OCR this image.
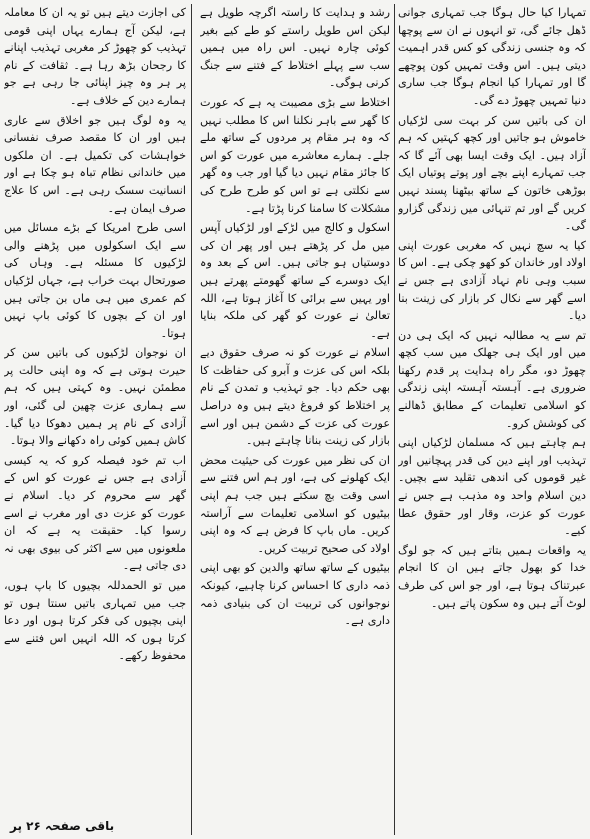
تمہارا کیا حال ہوگا جب تمہاری جوانی ڈھل جائے گی، تو انہوں نے ان سے پوچھا کہ وہ جنسی زندگی کو کس قدر اہمیت دیتی ہیں۔ اس وقت تمہیں کون پوچھے گا اور تمہارا کیا انجام ہوگا جب ساری دنیا تمہیں چھوڑ دے گی۔

ان کی باتیں سن کر بہت سی لڑکیاں خاموش ہو جاتیں اور کچھ کہتیں کہ ہم آزاد ہیں۔ ایک وقت ایسا بھی آئے گا کہ جب تمہارے اپنے بچے اور پوتے پوتیاں ایک بوڑھی خاتون کے ساتھ بیٹھنا پسند نہیں کریں گے اور تم تنہائی میں زندگی گزارو گی۔

کیا یہ سچ نہیں کہ مغربی عورت اپنی اولاد اور خاندان کو کھو چکی ہے۔ اس کا سبب وہی نام نہاد آزادی ہے جس نے اسے گھر سے نکال کر بازار کی زینت بنا دیا۔

تم سے یہ مطالبہ نہیں کہ ایک ہی دن میں اور ایک ہی جھلک میں سب کچھ چھوڑ دو، مگر راہ ہدایت پر قدم رکھنا ضروری ہے۔ آہستہ آہستہ اپنی زندگی کو اسلامی تعلیمات کے مطابق ڈھالنے کی کوشش کرو۔

ہم چاہتے ہیں کہ مسلمان لڑکیاں اپنی تہذیب اور اپنے دین کی قدر پہچانیں اور غیر قوموں کی اندھی تقلید سے بچیں۔ دین اسلام واحد وہ مذہب ہے جس نے عورت کو عزت، وقار اور حقوق عطا کیے۔

یہ واقعات ہمیں بتاتے ہیں کہ جو لوگ خدا کو بھول جاتے ہیں ان کا انجام عبرتناک ہوتا ہے، اور جو اس کی طرف لوٹ آتے ہیں وہ سکون پاتے ہیں۔

رشد و ہدایت کا راستہ اگرچہ طویل ہے لیکن اس طویل راستے کو طے کیے بغیر کوئی چارہ نہیں۔ اس راہ میں ہمیں سب سے پہلے اختلاط کے فتنے سے جنگ کرنی ہوگی۔

اختلاط سے بڑی مصیبت یہ ہے کہ عورت کا گھر سے باہر نکلنا اس کا مطلب نہیں کہ وہ ہر مقام پر مردوں کے ساتھ ملے جلے۔ ہمارے معاشرے میں عورت کو اس کا جائز مقام نہیں دیا گیا اور جب وہ گھر سے نکلتی ہے تو اس کو طرح طرح کی مشکلات کا سامنا کرنا پڑتا ہے۔

اسکول و کالج میں لڑکے اور لڑکیاں آپس میں مل کر پڑھتے ہیں اور پھر ان کی دوستیاں ہو جاتی ہیں۔ اس کے بعد وہ ایک دوسرے کے ساتھ گھومتے پھرتے ہیں اور یہیں سے برائی کا آغاز ہوتا ہے، اللہ تعالیٰ نے عورت کو گھر کی ملکہ بنایا ہے۔

اسلام نے عورت کو نہ صرف حقوق دیے بلکہ اس کی عزت و آبرو کی حفاظت کا بھی حکم دیا۔ جو تہذیب و تمدن کے نام پر اختلاط کو فروغ دیتے ہیں وہ دراصل عورت کی عزت کے دشمن ہیں اور اسے بازار کی زینت بنانا چاہتے ہیں۔

ان کی نظر میں عورت کی حیثیت محض ایک کھلونے کی ہے، اور ہم اس فتنے سے اسی وقت بچ سکتے ہیں جب ہم اپنی بیٹیوں کو اسلامی تعلیمات سے آراستہ کریں۔ ماں باپ کا فرض ہے کہ وہ اپنی اولاد کی صحیح تربیت کریں۔

بیٹیوں کے ساتھ ساتھ والدین کو بھی اپنی ذمہ داری کا احساس کرنا چاہیے، کیونکہ نوجوانوں کی تربیت ان کی بنیادی ذمہ داری ہے۔

کی اجازت دیتے ہیں تو یہ ان کا معاملہ ہے، لیکن آج ہمارے یہاں اپنی قومی تہذیب کو چھوڑ کر مغربی تہذیب اپنانے کا رجحان بڑھ رہا ہے۔ ثقافت کے نام پر ہر وہ چیز اپنائی جا رہی ہے جو ہمارے دین کے خلاف ہے۔

یہ وہ لوگ ہیں جو اخلاق سے عاری ہیں اور ان کا مقصد صرف نفسانی خواہشات کی تکمیل ہے۔ ان ملکوں میں خاندانی نظام تباہ ہو چکا ہے اور انسانیت سسک رہی ہے۔ اس کا علاج صرف ایمان ہے۔

اسی طرح امریکا کے بڑے مسائل میں سے ایک اسکولوں میں پڑھنے والی لڑکیوں کا مسئلہ ہے۔ وہاں کی صورتحال بہت خراب ہے، جہاں لڑکیاں کم عمری میں ہی ماں بن جاتی ہیں اور ان کے بچوں کا کوئی باپ نہیں ہوتا۔

ان نوجوان لڑکیوں کی باتیں سن کر حیرت ہوتی ہے کہ وہ اپنی حالت پر مطمئن نہیں۔ وہ کہتی ہیں کہ ہم سے ہماری عزت چھین لی گئی، اور آزادی کے نام پر ہمیں دھوکا دیا گیا۔ کاش ہمیں کوئی راہ دکھانے والا ہوتا۔

اب تم خود فیصلہ کرو کہ یہ کیسی آزادی ہے جس نے عورت کو اس کے گھر سے محروم کر دیا۔ اسلام نے عورت کو عزت دی اور مغرب نے اسے رسوا کیا۔ حقیقت یہ ہے کہ ان ملعونوں میں سے اکثر کی بیوی بھی نہ دی جاتی ہے۔

میں تو الحمدللہ بچیوں کا باپ ہوں، جب میں تمہاری باتیں سنتا ہوں تو اپنی بچیوں کی فکر کرتا ہوں اور دعا کرتا ہوں کہ اللہ انہیں اس فتنے سے محفوظ رکھے۔

باقی صفحہ ۲۶ پر
